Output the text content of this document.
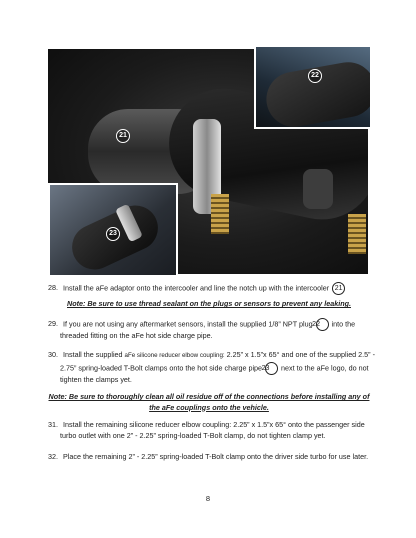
21
22
23
28. Install the aFe adaptor onto the intercooler and line the notch up with the intercooler 21
Note: Be sure to use thread sealant on the plugs or sensors to prevent any leaking.
29. If you are not using any aftermarket sensors, install the supplied 1/8” NPT plug 22 into the threaded fitting on the aFe hot side charge pipe.
30. Install the supplied aFe silicone reducer elbow coupling: 2.25” x 1.5”x 65° and one of the supplied 2.5” - 2.75” spring-loaded T-Bolt clamps onto the hot side charge pipe 23 next to the aFe logo, do not tighten the clamps yet.
Note: Be sure to thoroughly clean all oil residue off of the connections before installing any of the aFe couplings onto the vehicle.
31. Install the remaining silicone reducer elbow coupling: 2.25” x 1.5”x 65° onto the passenger side turbo outlet with one 2” - 2.25” spring-loaded T-Bolt clamp, do not tighten clamp yet.
32. Place the remaining 2” - 2.25” spring-loaded T-Bolt clamp onto the driver side turbo for use later.
8
